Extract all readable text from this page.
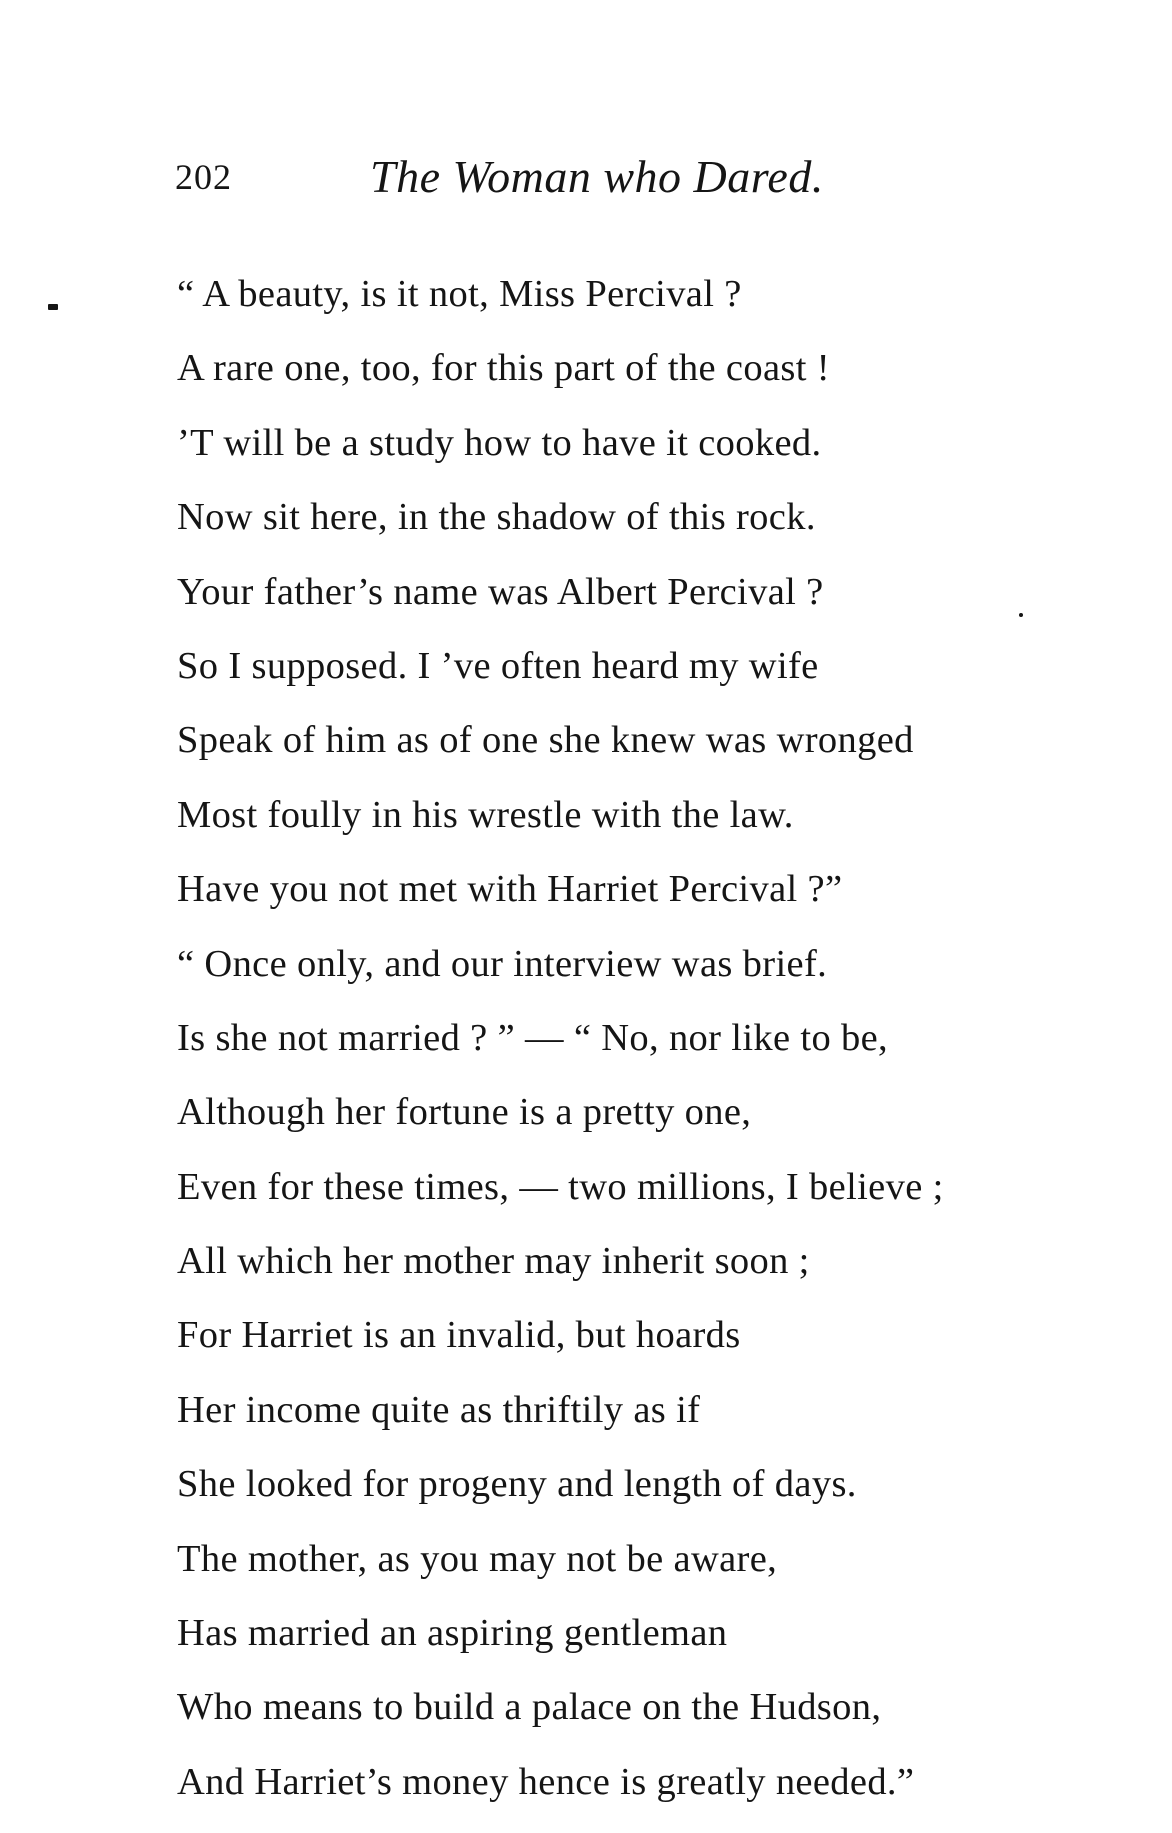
202	The Woman who Dared.
“ A beauty, is it not, Miss Percival ?
A rare one, too, for this part of the coast !
’T will be a study how to have it cooked.
Now sit here, in the shadow of this rock.
Your father’s name was Albert Percival ?
So I supposed. I ’ve often heard my wife
Speak of him as of one she knew was wronged
Most foully in his wrestle with the law.
Have you not met with Harriet Percival ?”
“ Once only, and our interview was brief.
Is she not married ? ” — “ No, nor like to be,
Although her fortune is a pretty one,
Even for these times, — two millions, I believe ;
All which her mother may inherit soon ;
For Harriet is an invalid, but hoards
Her income quite as thriftily as if
She looked for progeny and length of days.
The mother, as you may not be aware,
Has married an aspiring gentleman
Who means to build a palace on the Hudson,
And Harriet’s money hence is greatly needed.”
